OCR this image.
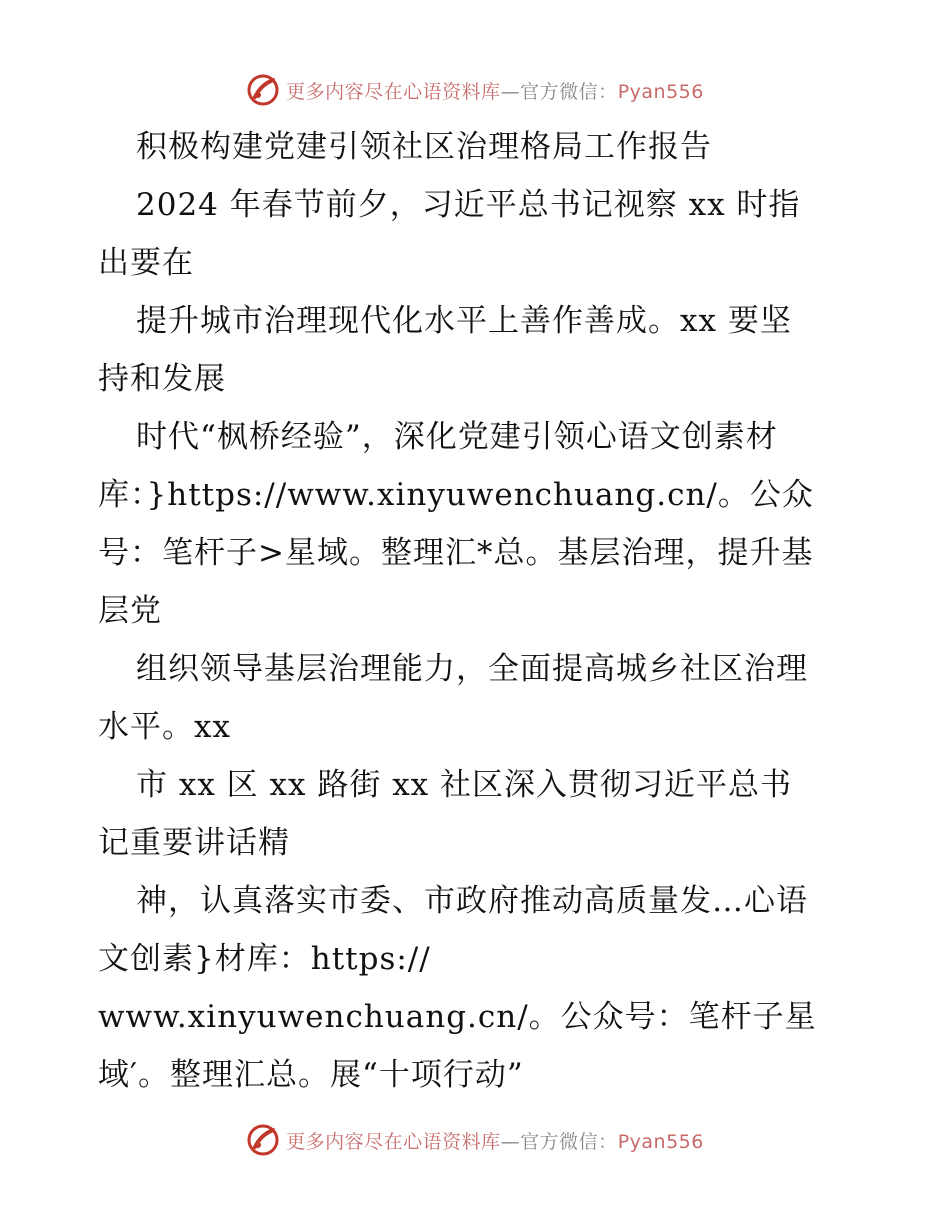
更多内容尽在心语资料库—官方微信：Pyan556
积极构建党建引领社区治理格局工作报告
2024 年春节前夕，习近平总书记视察 xx 时指
出要在
提升城市治理现代化水平上善作善成。xx 要坚
持和发展
时代“枫桥经验”，深化党建引领心语文创素材
库：}https://www.xinyuwenchuang.cn/。公众
号：笔杆子>星域。整理汇*总。基层治理，提升基
层党
组织领导基层治理能力，全面提高城乡社区治理
水平。xx
市 xx 区 xx 路街 xx 社区深入贯彻习近平总书
记重要讲话精
神，认真落实市委、市政府推动高质量发…心语
文创素}材库：https://
www.xinyuwenchuang.cn/。公众号：笔杆子星
域′。整理汇总。展“十项行动”
更多内容尽在心语资料库—官方微信：Pyan556
